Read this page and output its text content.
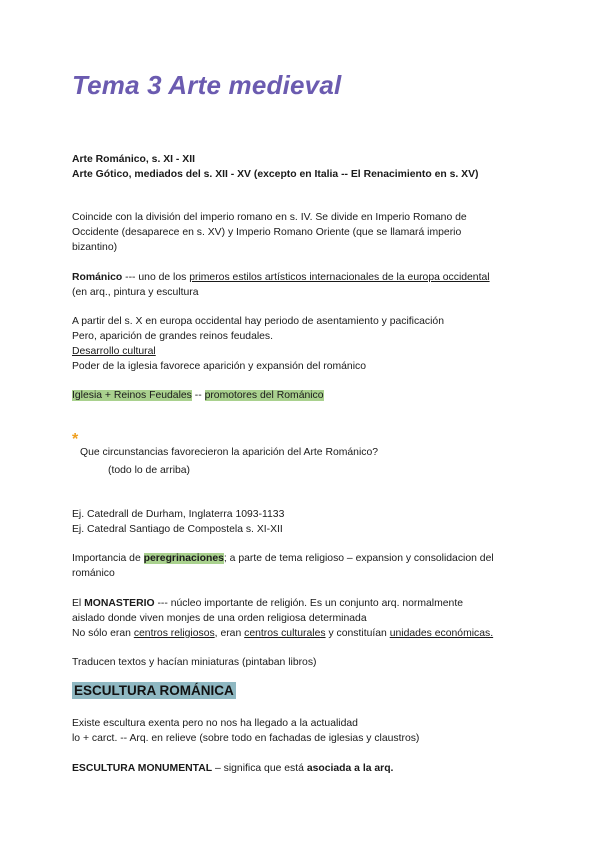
Tema 3 Arte medieval
Arte Románico, s. XI - XII
Arte Gótico, mediados del s. XII - XV (excepto en Italia -- El Renacimiento en s. XV)
Coincide con la división del imperio romano en s. IV. Se divide en Imperio Romano de
Occidente (desaparece en s. XV) y Imperio Romano Oriente (que se llamará imperio
bizantino)
Románico --- uno de los primeros estilos artísticos internacionales de la europa occidental
(en arq., pintura y escultura
A partir del s. X en europa occidental hay periodo de asentamiento y pacificación
Pero, aparición de grandes reinos feudales.
Desarrollo cultural
Poder de la iglesia favorece aparición y expansión del románico
Iglesia + Reinos Feudales -- promotores del Románico
*
Que circunstancias favorecieron la aparición del Arte Románico?
(todo lo de arriba)
Ej. Catedrall de Durham, Inglaterra 1093-1133
Ej. Catedral Santiago de Compostela s. XI-XII
Importancia de peregrinaciones; a parte de tema religioso – expansion y consolidacion del
románico
El MONASTERIO --- núcleo importante de religión. Es un conjunto arq. normalmente
aislado donde viven monjes de una orden religiosa determinada
No sólo eran centros religiosos, eran centros culturales y constituían unidades económicas.
Traducen textos y hacían miniaturas (pintaban libros)
ESCULTURA ROMÁNICA
Existe escultura exenta pero no nos ha llegado a la actualidad
lo + carct. -- Arq. en relieve (sobre todo en fachadas de iglesias y claustros)
ESCULTURA MONUMENTAL – significa que está asociada a la arq.
